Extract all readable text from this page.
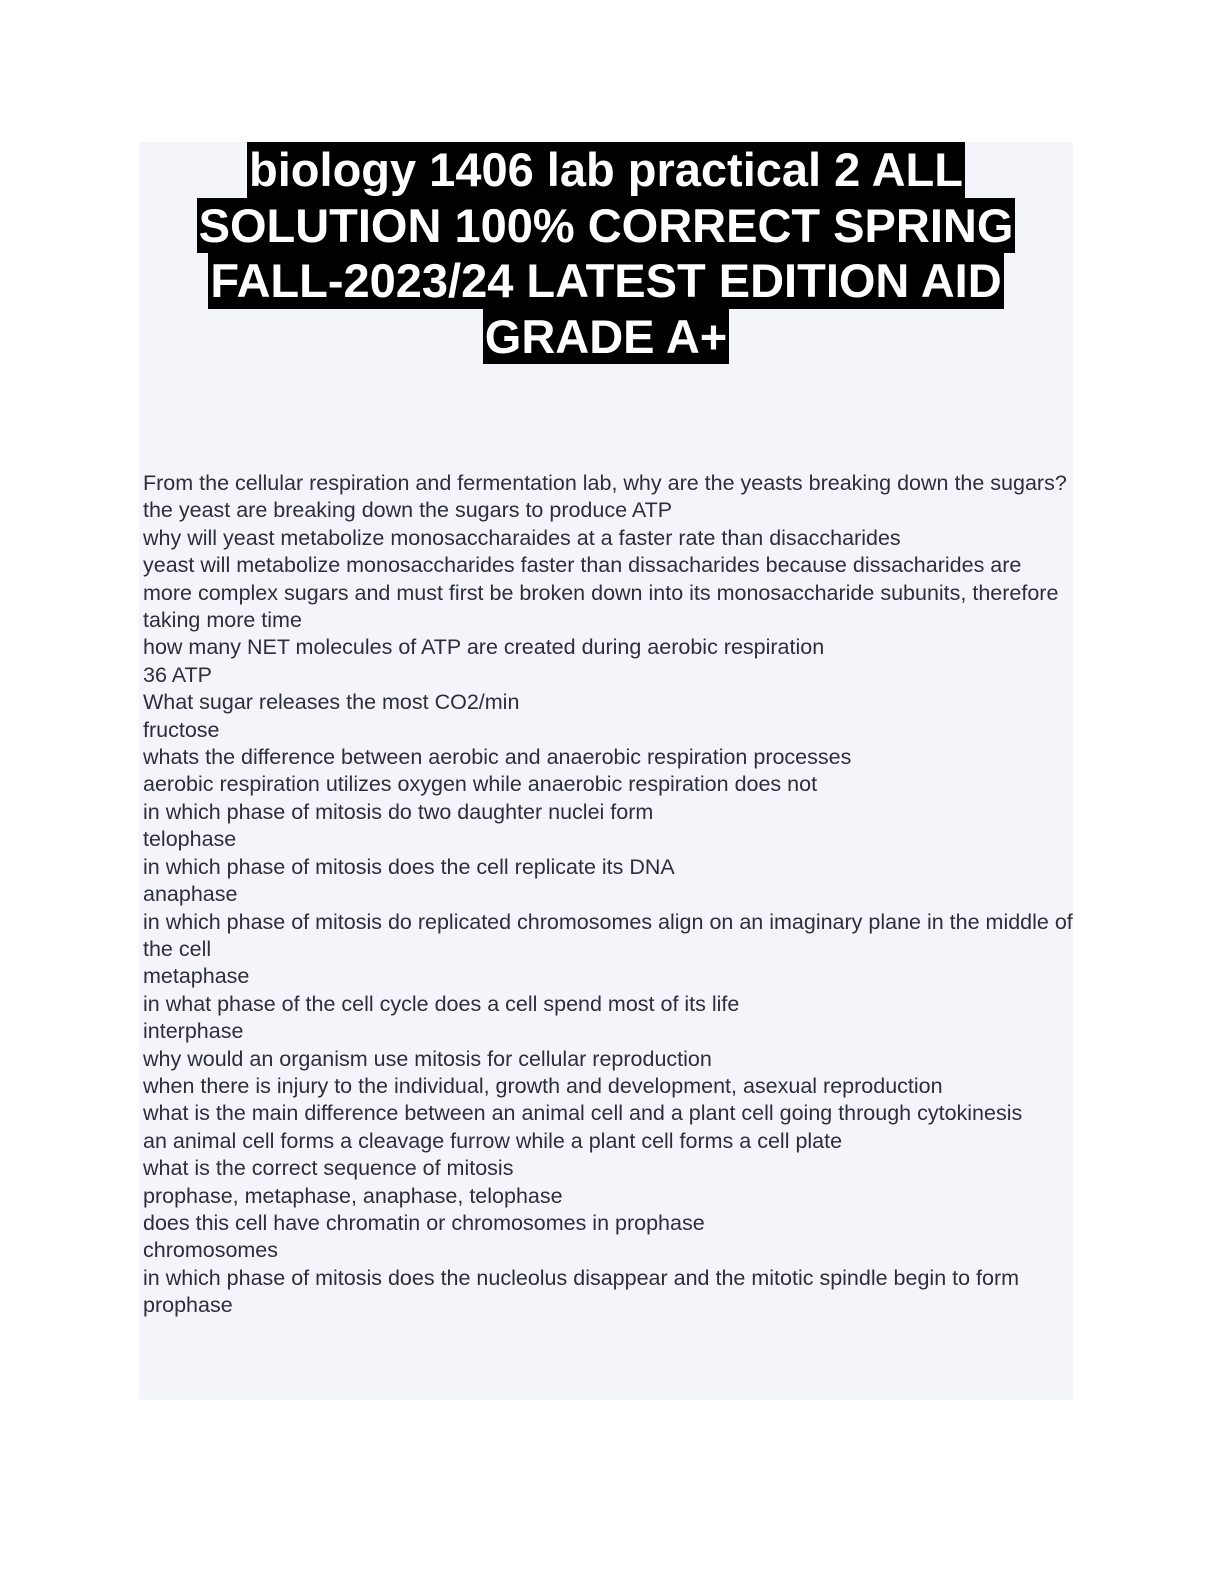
biology 1406 lab practical 2 ALL
SOLUTION 100% CORRECT SPRING
FALL-2023/24 LATEST EDITION AID
GRADE A+

From the cellular respiration and fermentation lab, why are the yeasts breaking down the sugars?

the yeast are breaking down the sugars to produce ATP

why will yeast metabolize monosaccharaides at a faster rate than disaccharides

yeast will metabolize monosaccharides faster than dissacharides because dissacharides are more complex sugars and must first be broken down into its monosaccharide subunits, therefore taking more time

how many NET molecules of ATP are created during aerobic respiration

36 ATP

What sugar releases the most CO2/min

fructose

whats the difference between aerobic and anaerobic respiration processes

aerobic respiration utilizes oxygen while anaerobic respiration does not

in which phase of mitosis do two daughter nuclei form

telophase

in which phase of mitosis does the cell replicate its DNA

anaphase

in which phase of mitosis do replicated chromosomes align on an imaginary plane in the middle of the cell

metaphase

in what phase of the cell cycle does a cell spend most of its life

interphase

why would an organism use mitosis for cellular reproduction

when there is injury to the individual, growth and development, asexual reproduction

what is the main difference between an animal cell and a plant cell going through cytokinesis

an animal cell forms a cleavage furrow while a plant cell forms a cell plate

what is the correct sequence of mitosis

prophase, metaphase, anaphase, telophase

does this cell have chromatin or chromosomes in prophase

chromosomes

in which phase of mitosis does the nucleolus disappear and the mitotic spindle begin to form

prophase
